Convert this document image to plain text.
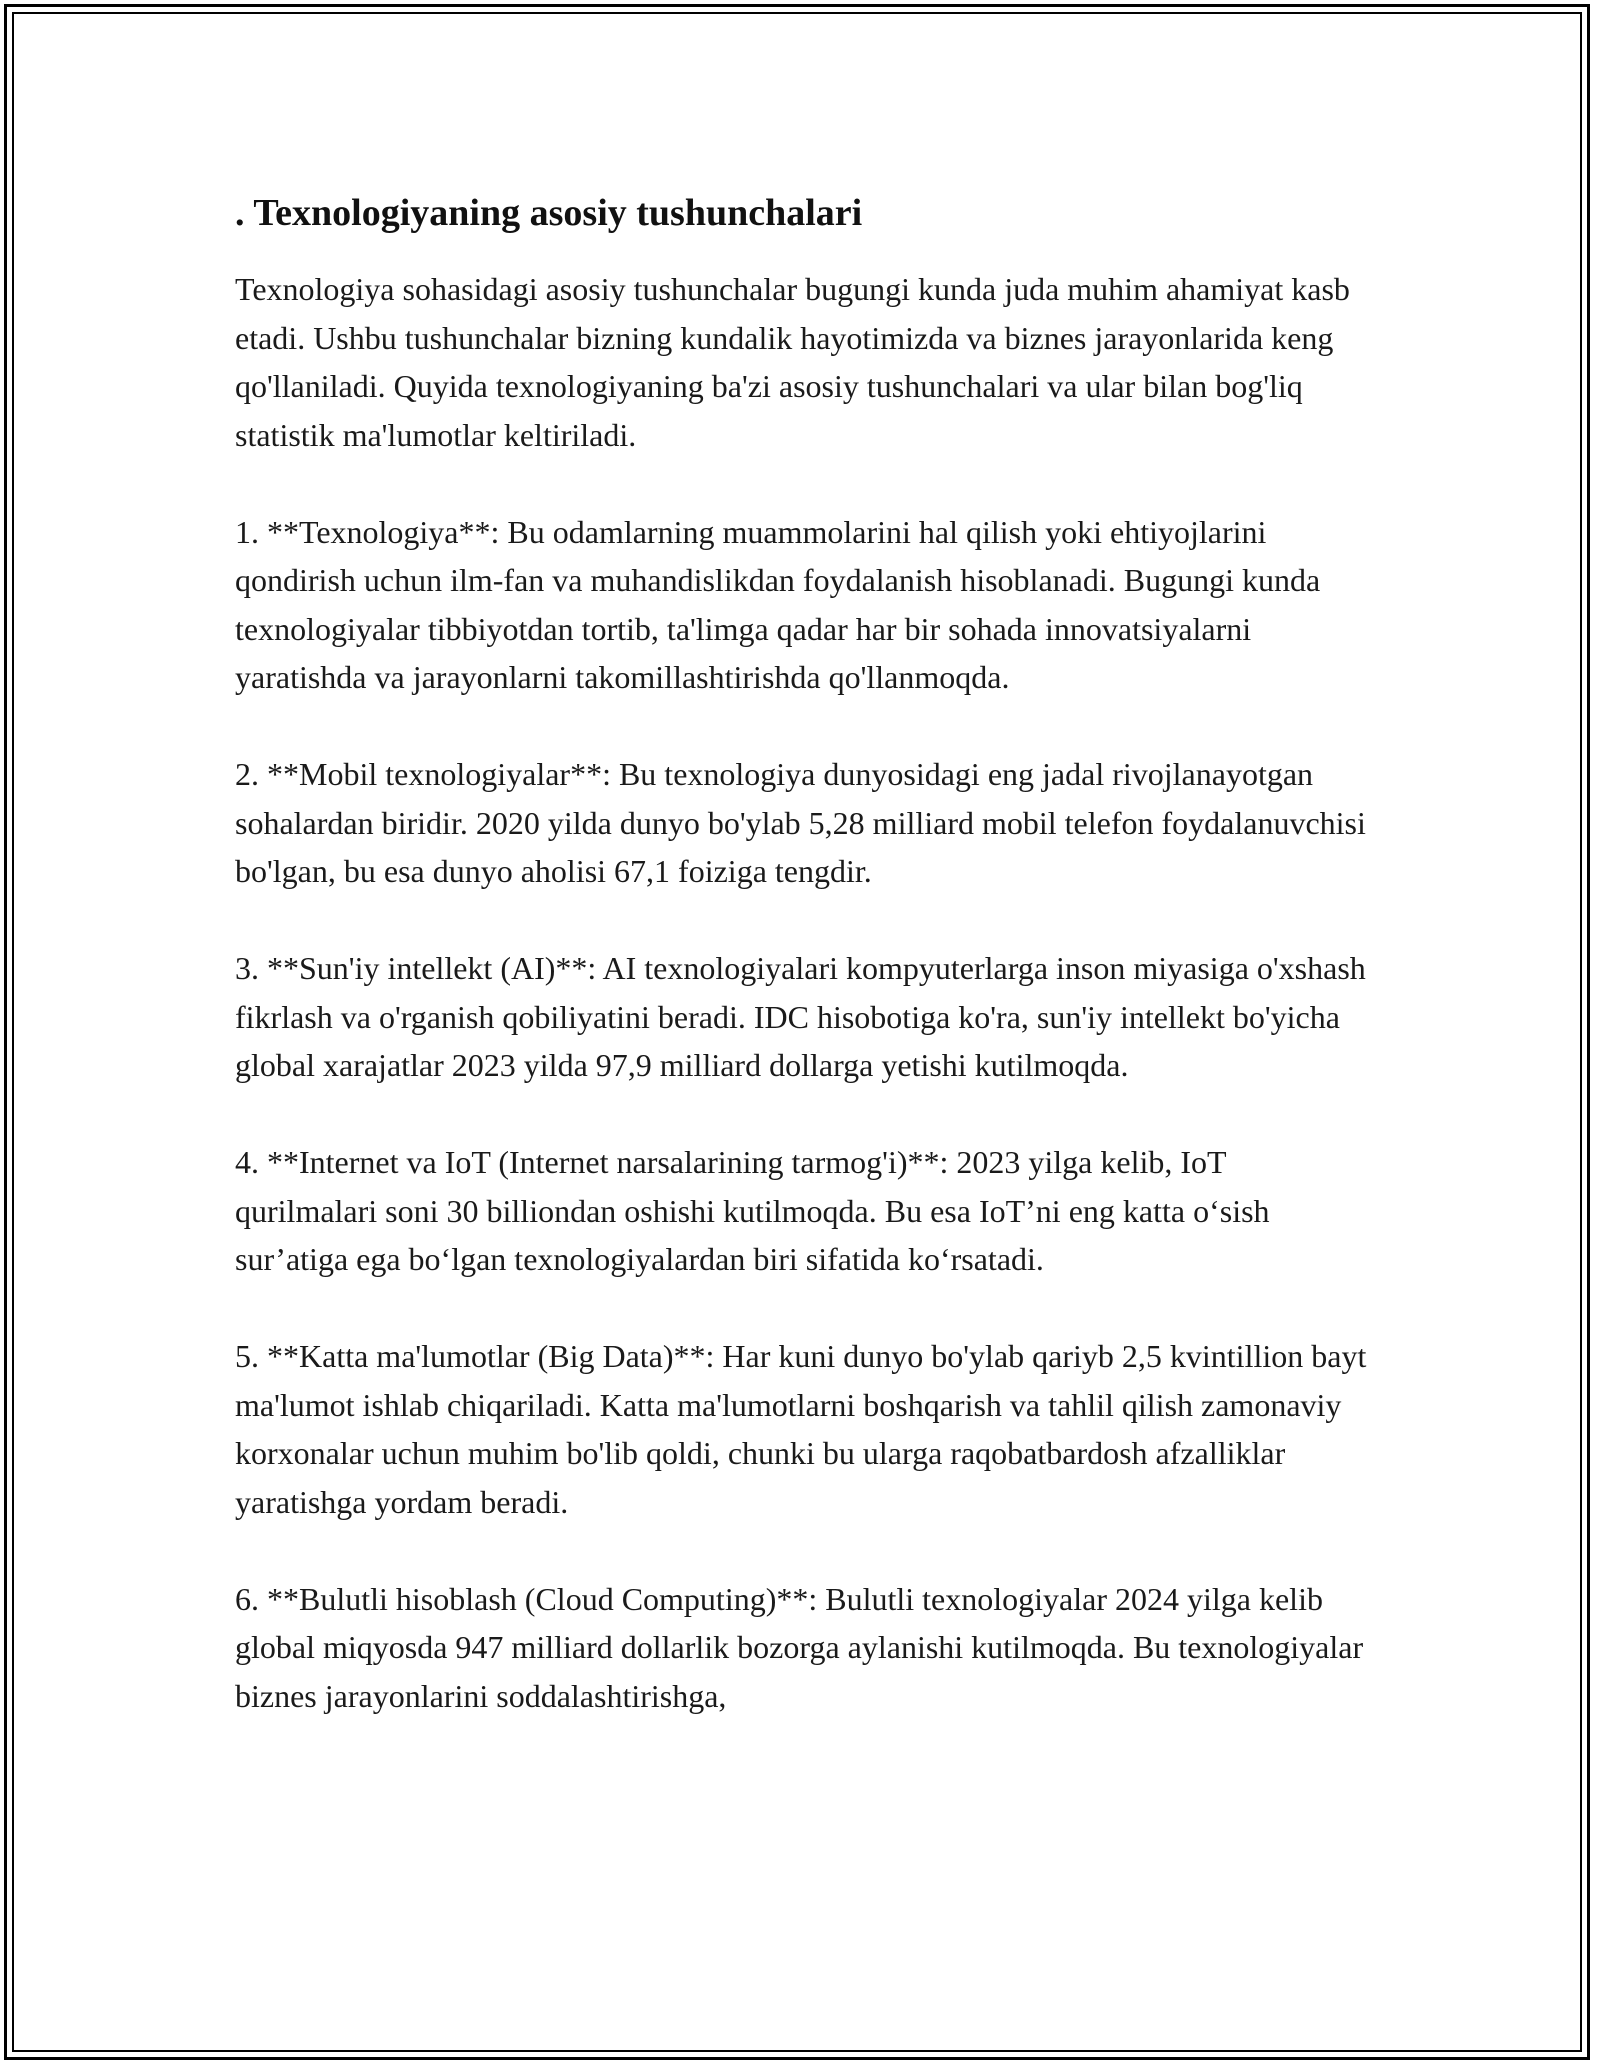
. Texnologiyaning asosiy tushunchalari

Texnologiya sohasidagi asosiy tushunchalar bugungi kunda juda muhim ahamiyat kasb etadi. Ushbu tushunchalar bizning kundalik hayotimizda va biznes jarayonlarida keng qo'llaniladi. Quyida texnologiyaning ba'zi asosiy tushunchalari va ular bilan bog'liq statistik ma'lumotlar keltiriladi.

1. **Texnologiya**: Bu odamlarning muammolarini hal qilish yoki ehtiyojlarini qondirish uchun ilm-fan va muhandislikdan foydalanish hisoblanadi. Bugungi kunda texnologiyalar tibbiyotdan tortib, ta'limga qadar har bir sohada innovatsiyalarni yaratishda va jarayonlarni takomillashtirishda qo'llanmoqda.

2. **Mobil texnologiyalar**: Bu texnologiya dunyosidagi eng jadal rivojlanayotgan sohalardan biridir. 2020 yilda dunyo bo'ylab 5,28 milliard mobil telefon foydalanuvchisi bo'lgan, bu esa dunyo aholisi 67,1 foiziga tengdir.

3. **Sun'iy intellekt (AI)**: AI texnologiyalari kompyuterlarga inson miyasiga o'xshash fikrlash va o'rganish qobiliyatini beradi. IDC hisobotiga ko'ra, sun'iy intellekt bo'yicha global xarajatlar 2023 yilda 97,9 milliard dollarga yetishi kutilmoqda.

4. **Internet va IoT (Internet narsalarining tarmog'i)**: 2023 yilga kelib, IoT qurilmalari soni 30 billiondan oshishi kutilmoqda. Bu esa IoT’ni eng katta o‘sish sur’atiga ega bo‘lgan texnologiyalardan biri sifatida ko‘rsatadi.

5. **Katta ma'lumotlar (Big Data)**: Har kuni dunyo bo'ylab qariyb 2,5 kvintillion bayt ma'lumot ishlab chiqariladi. Katta ma'lumotlarni boshqarish va tahlil qilish zamonaviy korxonalar uchun muhim bo'lib qoldi, chunki bu ularga raqobatbardosh afzalliklar yaratishga yordam beradi.

6. **Bulutli hisoblash (Cloud Computing)**: Bulutli texnologiyalar 2024 yilga kelib global miqyosda 947 milliard dollarlik bozorga aylanishi kutilmoqda. Bu texnologiyalar biznes jarayonlarini soddalashtirishga,
